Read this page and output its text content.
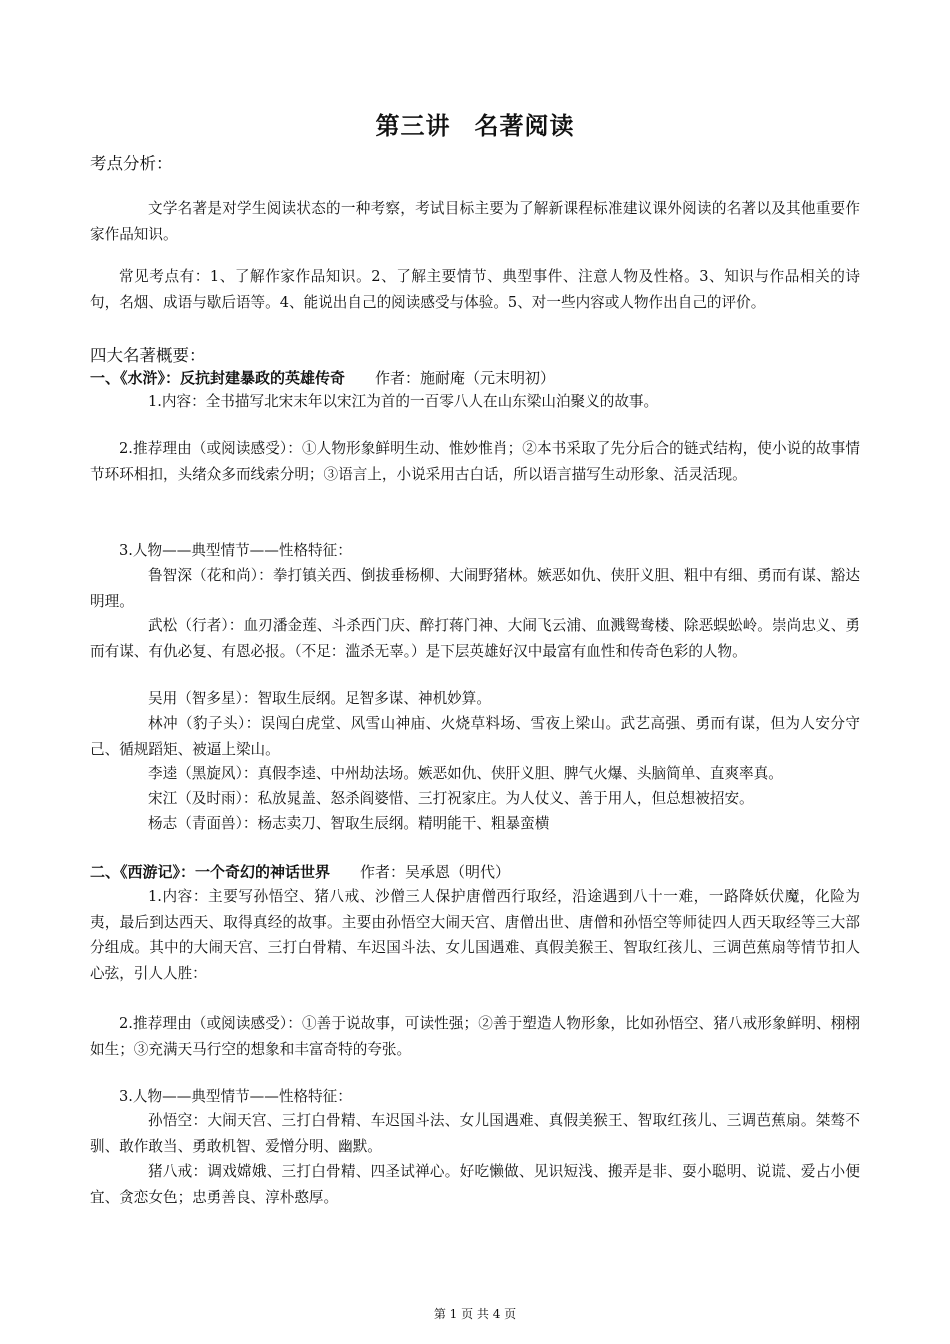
第三讲 名著阅读
考点分析：

文学名著是对学生阅读状态的一种考察，考试目标主要为了解新课程标准建议课外阅读的名著以及其他重要作家作品知识。

常见考点有：1、了解作家作品知识。2、了解主要情节、典型事件、注意人物及性格。3、知识与作品相关的诗句，名烟、成语与歇后语等。4、能说出自己的阅读感受与体验。5、对一些内容或人物作出自己的评价。

四大名著概要：
一、《水浒》：反抗封建暴政的英雄传奇 作者：施耐庵（元末明初）

1.内容：全书描写北宋末年以宋江为首的一百零八人在山东梁山泊聚义的故事。

2.推荐理由（或阅读感受）：①人物形象鲜明生动、惟妙惟肖；②本书采取了先分后合的链式结构，使小说的故事情节环环相扣，头绪众多而线索分明；③语言上，小说采用古白话，所以语言描写生动形象、活灵活现。

3.人物——典型情节——性格特征：

鲁智深（花和尚）：拳打镇关西、倒拔垂杨柳、大闹野猪林。嫉恶如仇、侠肝义胆、粗中有细、勇而有谋、豁达明理。

武松（行者）：血刃潘金莲、斗杀西门庆、醉打蒋门神、大闹飞云浦、血溅鸳鸯楼、除恶蜈蚣岭。崇尚忠义、勇而有谋、有仇必复、有恩必报。（不足：滥杀无辜。）是下层英雄好汉中最富有血性和传奇色彩的人物。

吴用（智多星）：智取生辰纲。足智多谋、神机妙算。

林冲（豹子头）：误闯白虎堂、风雪山神庙、火烧草料场、雪夜上梁山。武艺高强、勇而有谋，但为人安分守己、循规蹈矩、被逼上梁山。

李逵（黑旋风）：真假李逵、中州劫法场。嫉恶如仇、侠肝义胆、脾气火爆、头脑简单、直爽率真。

宋江（及时雨）：私放晁盖、怒杀阎婆惜、三打祝家庄。为人仗义、善于用人，但总想被招安。

杨志（青面兽）：杨志卖刀、智取生辰纲。精明能干、粗暴蛮横

二、《西游记》：一个奇幻的神话世界 作者：吴承恩（明代）

1.内容：主要写孙悟空、猪八戒、沙僧三人保护唐僧西行取经，沿途遇到八十一难，一路降妖伏魔，化险为夷，最后到达西天、取得真经的故事。主要由孙悟空大闹天宫、唐僧出世、唐僧和孙悟空等师徒四人西天取经等三大部分组成。其中的大闹天宫、三打白骨精、车迟国斗法、女儿国遇难、真假美猴王、智取红孩儿、三调芭蕉扇等情节扣人心弦，引人人胜：

2.推荐理由（或阅读感受）：①善于说故事，可读性强；②善于塑造人物形象，比如孙悟空、猪八戒形象鲜明、栩栩如生；③充满天马行空的想象和丰富奇特的夸张。

3.人物——典型情节——性格特征：

孙悟空：大闹天宫、三打白骨精、车迟国斗法、女儿国遇难、真假美猴王、智取红孩儿、三调芭蕉扇。桀骜不驯、敢作敢当、勇敢机智、爱憎分明、幽默。

猪八戒：调戏嫦娥、三打白骨精、四圣试禅心。好吃懒做、见识短浅、搬弄是非、耍小聪明、说谎、爱占小便宜、贪恋女色；忠勇善良、淳朴憨厚。

第 1 页 共 4 页
